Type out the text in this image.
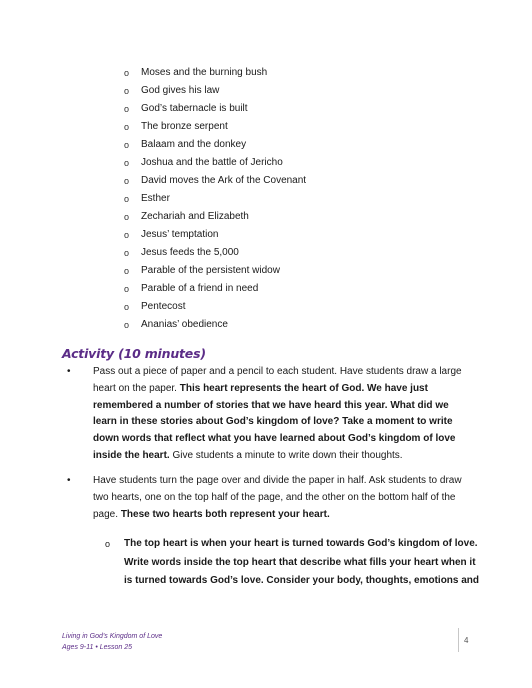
o Moses and the burning bush
o God gives his law
o God’s tabernacle is built
o The bronze serpent
o Balaam and the donkey
o Joshua and the battle of Jericho
o David moves the Ark of the Covenant
o Esther
o Zechariah and Elizabeth
o Jesus’ temptation
o Jesus feeds the 5,000
o Parable of the persistent widow
o Parable of a friend in need
o Pentecost
o Ananias’ obedience
Activity (10 minutes)
• Pass out a piece of paper and a pencil to each student. Have students draw a large heart on the paper. This heart represents the heart of God. We have just remembered a number of stories that we have heard this year. What did we learn in these stories about God’s kingdom of love? Take a moment to write down words that reflect what you have learned about God’s kingdom of love inside the heart. Give students a minute to write down their thoughts.
• Have students turn the page over and divide the paper in half. Ask students to draw two hearts, one on the top half of the page, and the other on the bottom half of the page. These two hearts both represent your heart.
o The top heart is when your heart is turned towards God’s kingdom of love. Write words inside the top heart that describe what fills your heart when it is turned towards God’s love. Consider your body, thoughts, emotions and
Living in God’s Kingdom of Love
Ages 9-11 • Lesson 25
4
